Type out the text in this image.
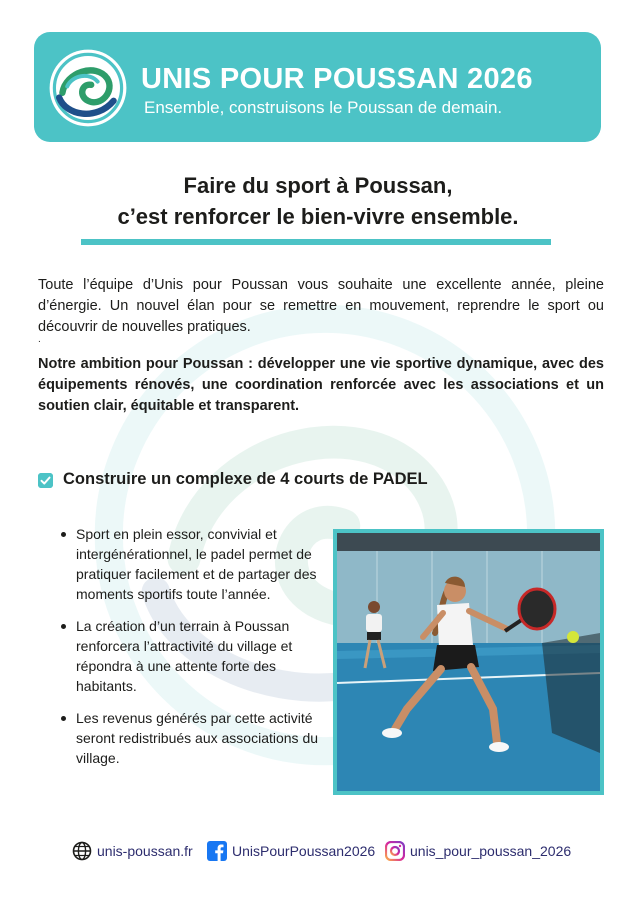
UNIS POUR POUSSAN 2026
Ensemble, construisons le Poussan de demain.
Faire du sport à Poussan,
c’est renforcer le bien-vivre ensemble.

Toute l’équipe d’Unis pour Poussan vous souhaite une excellente année, pleine d’énergie. Un nouvel élan pour se remettre en mouvement, reprendre le sport ou découvrir de nouvelles pratiques.

.

Notre ambition pour Poussan : développer une vie sportive dynamique, avec des équipements rénovés, une coordination renforcée avec les associations et un soutien clair, équitable et transparent.

Construire un complexe de 4 courts de PADEL
Sport en plein essor, convivial et intergénérationnel, le padel permet de pratiquer facilement et de partager des moments sportifs toute l’année.
La création d’un terrain à Poussan renforcera l’attractivité du village et répondra à une attente forte des habitants.
Les revenus générés par cette activité seront redistribués aux associations du village.
unis-poussan.fr	UnisPourPoussan2026 unis_pour_poussan_2026
